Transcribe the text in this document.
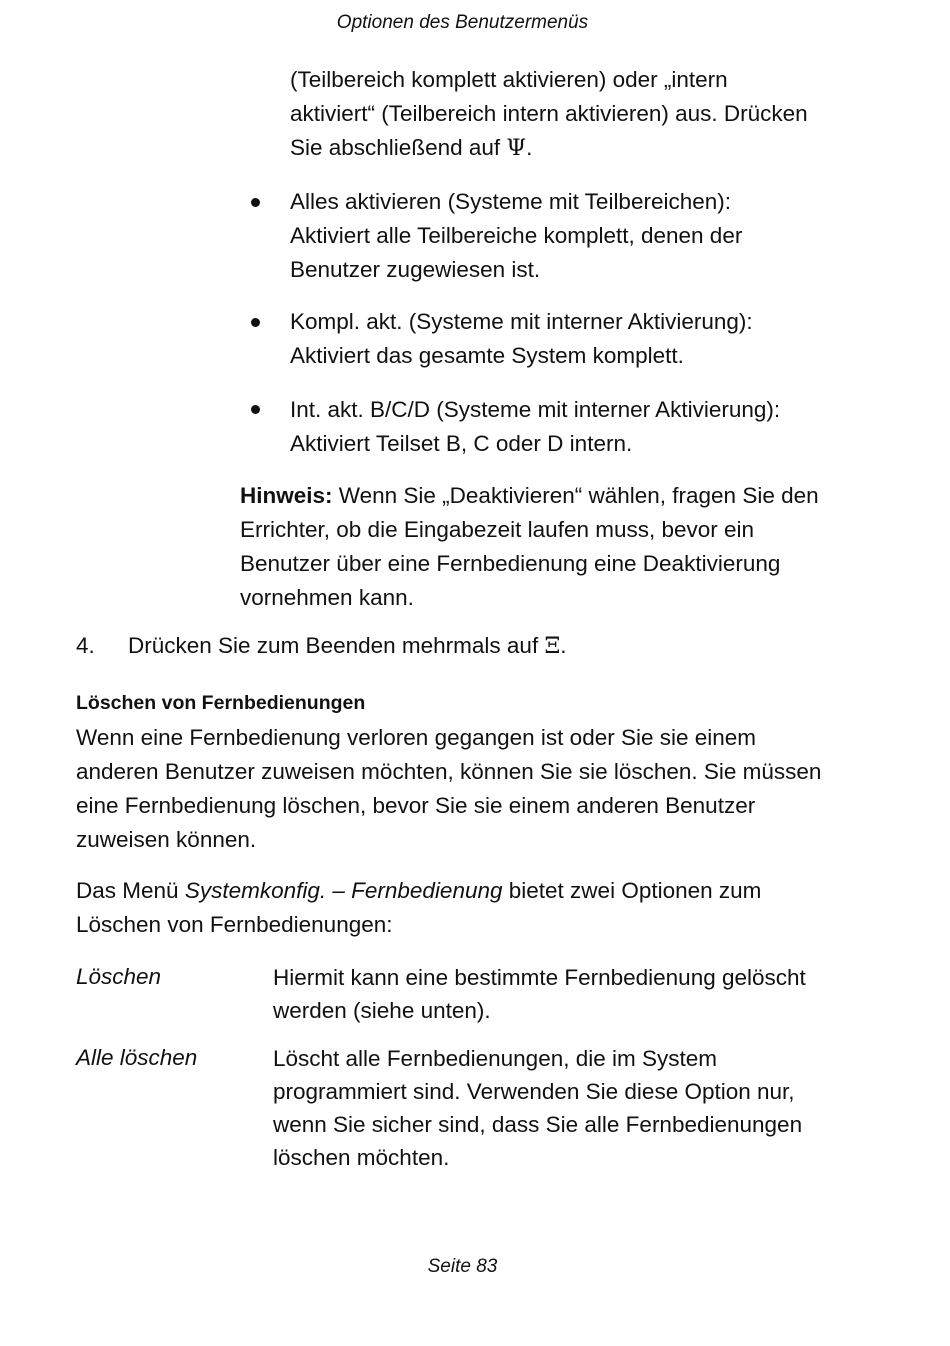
Optionen des Benutzermenüs
(Teilbereich komplett aktivieren) oder „intern
aktiviert“ (Teilbereich intern aktivieren) aus. Drücken
Sie abschließend auf Ψ.
Alles aktivieren (Systeme mit Teilbereichen):
Aktiviert alle Teilbereiche komplett, denen der
Benutzer zugewiesen ist.
Kompl. akt. (Systeme mit interner Aktivierung):
Aktiviert das gesamte System komplett.
Int. akt. B/C/D (Systeme mit interner Aktivierung):
Aktiviert Teilset B, C oder D intern.
Hinweis: Wenn Sie „Deaktivieren“ wählen, fragen Sie den
Errichter, ob die Eingabezeit laufen muss, bevor ein
Benutzer über eine Fernbedienung eine Deaktivierung
vornehmen kann.
4. Drücken Sie zum Beenden mehrmals auf Ξ.
Löschen von Fernbedienungen
Wenn eine Fernbedienung verloren gegangen ist oder Sie sie einem
anderen Benutzer zuweisen möchten, können Sie sie löschen. Sie müssen
eine Fernbedienung löschen, bevor Sie sie einem anderen Benutzer
zuweisen können.
Das Menü Systemkonfig. – Fernbedienung bietet zwei Optionen zum
Löschen von Fernbedienungen:
Löschen	Hiermit kann eine bestimmte Fernbedienung gelöscht
werden (siehe unten).
Alle löschen	Löscht alle Fernbedienungen, die im System
programmiert sind. Verwenden Sie diese Option nur,
wenn Sie sicher sind, dass Sie alle Fernbedienungen
löschen möchten.
Seite 83
